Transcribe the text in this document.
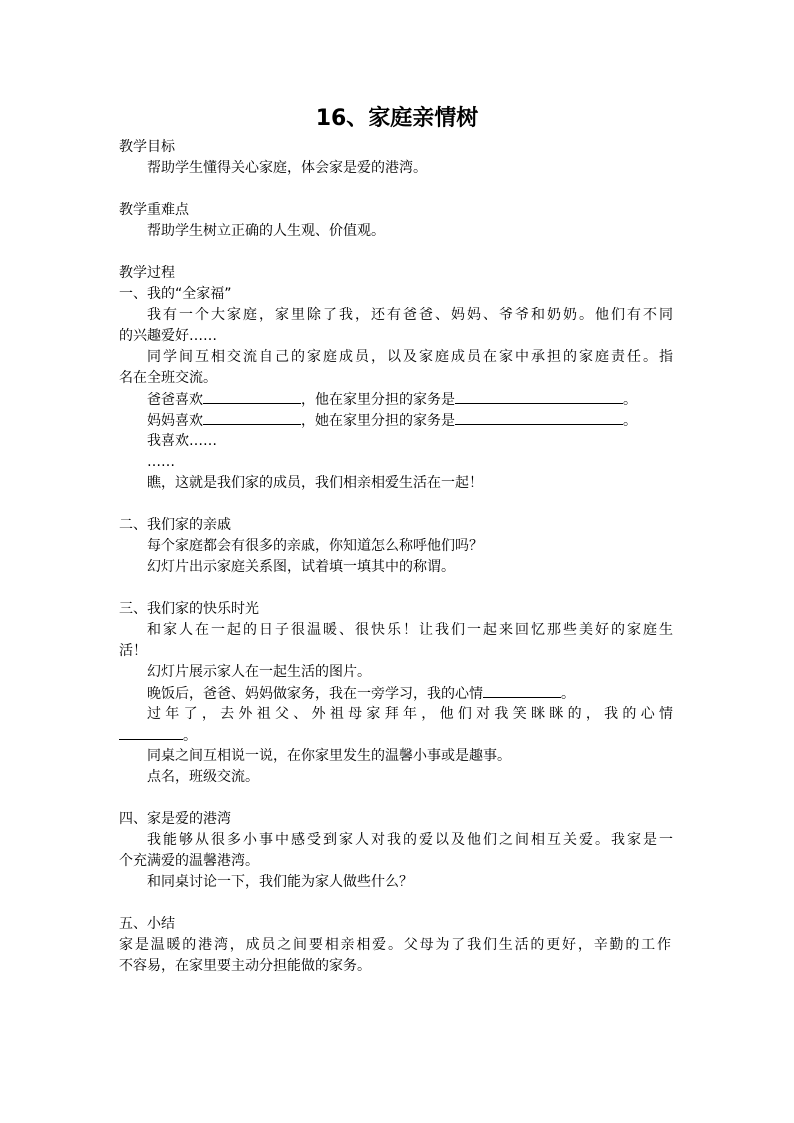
16、家庭亲情树
教学目标
帮助学生懂得关心家庭，体会家是爱的港湾。
教学重难点
帮助学生树立正确的人生观、价值观。
教学过程
一、我的“全家福”
我有一个大家庭，家里除了我，还有爸爸、妈妈、爷爷和奶奶。他们有不同
的兴趣爱好……
同学间互相交流自己的家庭成员，以及家庭成员在家中承担的家庭责任。指
名在全班交流。
爸爸喜欢	，他在家里分担的家务是	。
妈妈喜欢	，她在家里分担的家务是	。
我喜欢……
……
瞧，这就是我们家的成员，我们相亲相爱生活在一起！
二、我们家的亲戚
每个家庭都会有很多的亲戚，你知道怎么称呼他们吗？
幻灯片出示家庭关系图，试着填一填其中的称谓。
三、我们家的快乐时光
和家人在一起的日子很温暖、很快乐！让我们一起来回忆那些美好的家庭生
活！
幻灯片展示家人在一起生活的图片。
晚饭后，爸爸、妈妈做家务，我在一旁学习，我的心情	。
过年了，去外祖父、外祖母家拜年，他们对我笑眯眯的，我的心情
。
同桌之间互相说一说，在你家里发生的温馨小事或是趣事。
点名，班级交流。
四、家是爱的港湾
我能够从很多小事中感受到家人对我的爱以及他们之间相互关爱。我家是一
个充满爱的温馨港湾。
和同桌讨论一下，我们能为家人做些什么？
五、小结
家是温暖的港湾，成员之间要相亲相爱。父母为了我们生活的更好，辛勤的工作
不容易，在家里要主动分担能做的家务。
